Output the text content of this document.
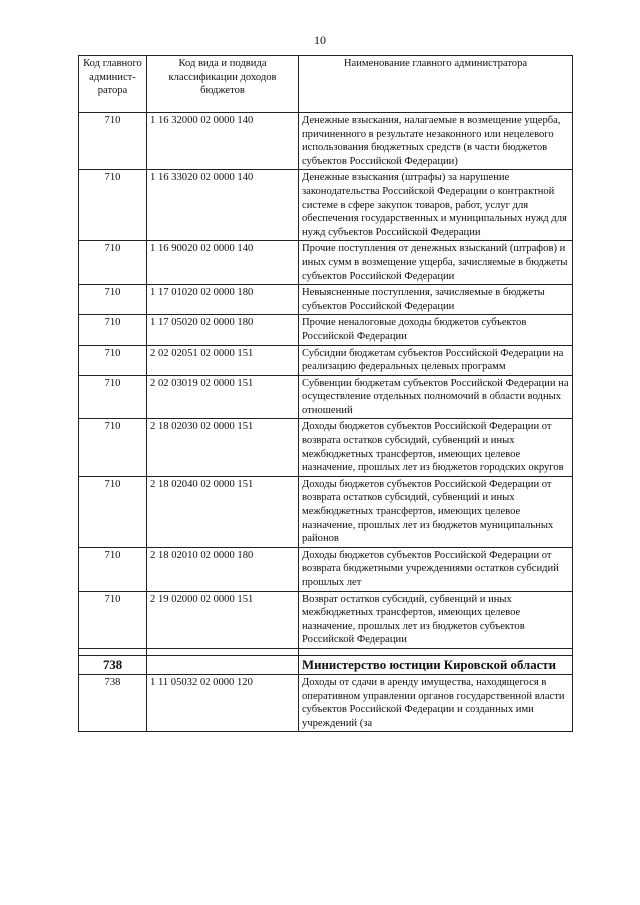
10
Код главного админист-ратора	Код вида и подвида классификации доходов бюджетов	Наименование главного администратора
710	1 16 32000 02 0000 140	Денежные взыскания, налагаемые в возмещение ущерба, причиненного в результате незаконного или нецелевого использования бюджетных средств (в части бюджетов субъектов Российской Федерации)
710	1 16 33020 02 0000 140	Денежные взыскания (штрафы) за нарушение законодательства Российской Федерации о контрактной системе в сфере закупок товаров, работ, услуг для обеспечения государственных и муниципальных нужд для нужд субъектов Российской Федерации
710	1 16 90020 02 0000 140	Прочие поступления от денежных взысканий (штрафов) и иных сумм в возмещение ущерба, зачисляемые в бюджеты субъектов Российской Федерации
710	1 17 01020 02 0000 180	Невыясненные поступления, зачисляемые в бюджеты субъектов Российской Федерации
710	1 17 05020 02 0000 180	Прочие неналоговые доходы бюджетов субъектов Российской Федерации
710	2 02 02051 02 0000 151	Субсидии бюджетам субъектов Российской Федерации на реализацию федеральных целевых программ
710	2 02 03019 02 0000 151	Субвенции бюджетам субъектов Российской Федерации на осуществление отдельных полномочий в области водных отношений
710	2 18 02030 02 0000 151	Доходы бюджетов субъектов Российской Федерации от возврата остатков субсидий, субвенций и иных межбюджетных трансфертов, имеющих целевое назначение, прошлых лет из бюджетов городских округов
710	2 18 02040 02 0000 151	Доходы бюджетов субъектов Российской Федерации от возврата остатков субсидий, субвенций и иных межбюджетных трансфертов, имеющих целевое назначение, прошлых лет из бюджетов муниципальных районов
710	2 18 02010 02 0000 180	Доходы бюджетов субъектов Российской Федерации от возврата бюджетными учреждениями остатков субсидий прошлых лет
710	2 19 02000 02 0000 151	Возврат остатков субсидий, субвенций и иных межбюджетных трансфертов, имеющих целевое назначение, прошлых лет из бюджетов субъектов Российской Федерации

738		Министерство юстиции Кировской области
738	1 11 05032 02 0000 120	Доходы от сдачи в аренду имущества, находящегося в оперативном управлении органов государственной власти субъектов Российской Федерации и созданных ими учреждений (за
